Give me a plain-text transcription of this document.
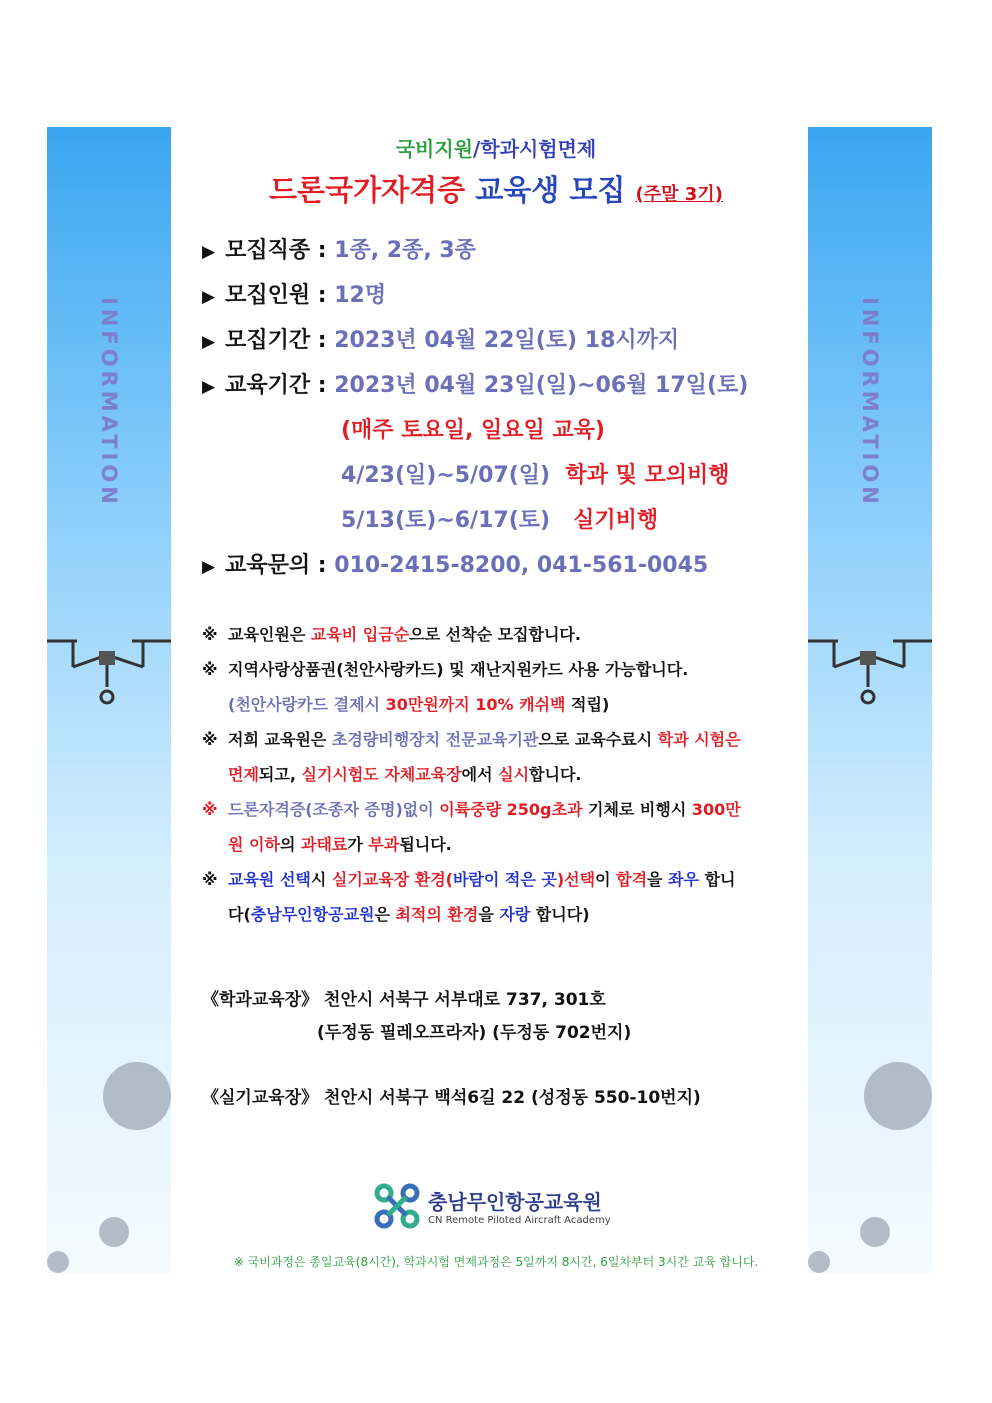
INFORMATION	INFORMATION
국비지원/학과시험면제
드론국가자격증 교육생 모집 (주말 3기)
▶ 모집직종 : 1종, 2종, 3종
▶ 모집인원 : 12명
▶ 모집기간 : 2023년 04월 22일(토) 18시까지
▶ 교육기간 : 2023년 04월 23일(일)~06월 17일(토)
(매주 토요일, 일요일 교육)
4/23(일)~5/07(일) 학과 및 모의비행
5/13(토)~6/17(토) 실기비행
▶ 교육문의 : 010-2415-8200, 041-561-0045
※ 교육인원은 교육비 입금순으로 선착순 모집합니다.
※ 지역사랑상품권(천안사랑카드) 및 재난지원카드 사용 가능합니다.
(천안사랑카드 결제시 30만원까지 10% 캐쉬백 적립)
※ 저희 교육원은 초경량비행장치 전문교육기관으로 교육수료시 학과 시험은
면제되고, 실기시험도 자체교육장에서 실시합니다.
※ 드론자격증(조종자 증명)없이 이륙중량 250g초과 기체로 비행시 300만
원 이하의 과태료가 부과됩니다.
※ 교육원 선택시 실기교육장 환경(바람이 적은 곳)선택이 합격을 좌우 합니
다(충남무인항공교원은 최적의 환경을 자랑 합니다)
《학과교육장》 천안시 서북구 서부대로 737, 301호
(두정동 필레오프라자) (두정동 702번지)
《실기교육장》 천안시 서북구 백석6길 22 (성정동 550-10번지)
충남무인항공교육원
CN Remote Piloted Aircraft Academy
※ 국비과정은 종일교육(8시간), 학과시험 면제과정은 5일까지 8시간, 6일차부터 3시간 교육 합니다.
